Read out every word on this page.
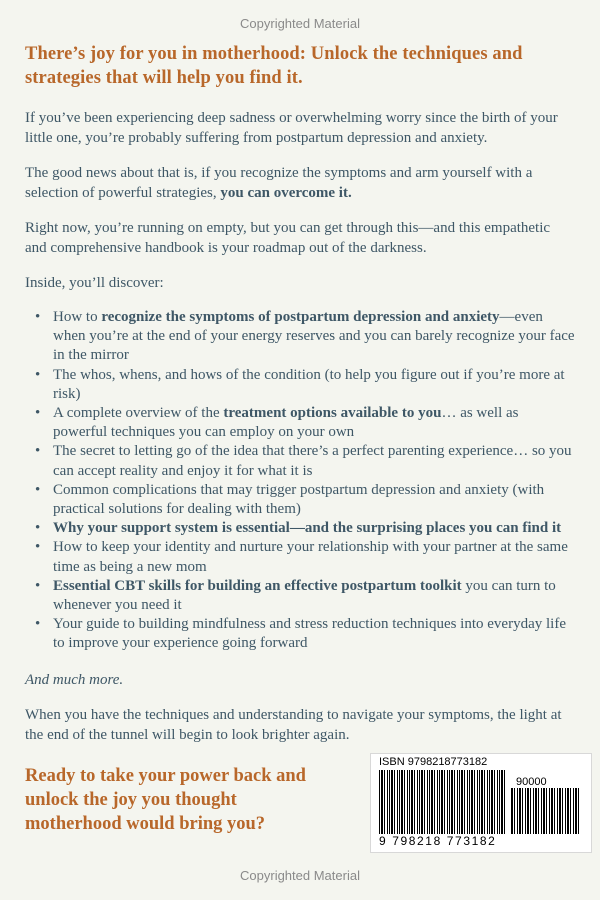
Copyrighted Material
There’s joy for you in motherhood: Unlock the techniques and strategies that will help you find it.

If you’ve been experiencing deep sadness or overwhelming worry since the birth of your little one, you’re probably suffering from postpartum depression and anxiety.

The good news about that is, if you recognize the symptoms and arm yourself with a selection of powerful strategies, you can overcome it.

Right now, you’re running on empty, but you can get through this—and this empathetic and comprehensive handbook is your roadmap out of the darkness.

Inside, you’ll discover:

• How to recognize the symptoms of postpartum depression and anxiety—even when you’re at the end of your energy reserves and you can barely recognize your face in the mirror
• The whos, whens, and hows of the condition (to help you figure out if you’re more at risk)
• A complete overview of the treatment options available to you… as well as powerful techniques you can employ on your own
• The secret to letting go of the idea that there’s a perfect parenting experience… so you can accept reality and enjoy it for what it is
• Common complications that may trigger postpartum depression and anxiety (with practical solutions for dealing with them)
• Why your support system is essential—and the surprising places you can find it
• How to keep your identity and nurture your relationship with your partner at the same time as being a new mom
• Essential CBT skills for building an effective postpartum toolkit you can turn to whenever you need it
• Your guide to building mindfulness and stress reduction techniques into everyday life to improve your experience going forward

And much more.

When you have the techniques and understanding to navigate your symptoms, the light at the end of the tunnel will begin to look brighter again.

Ready to take your power back and unlock the joy you thought motherhood would bring you?

ISBN 9798218773182
90000
9 798218 773182
Copyrighted Material
